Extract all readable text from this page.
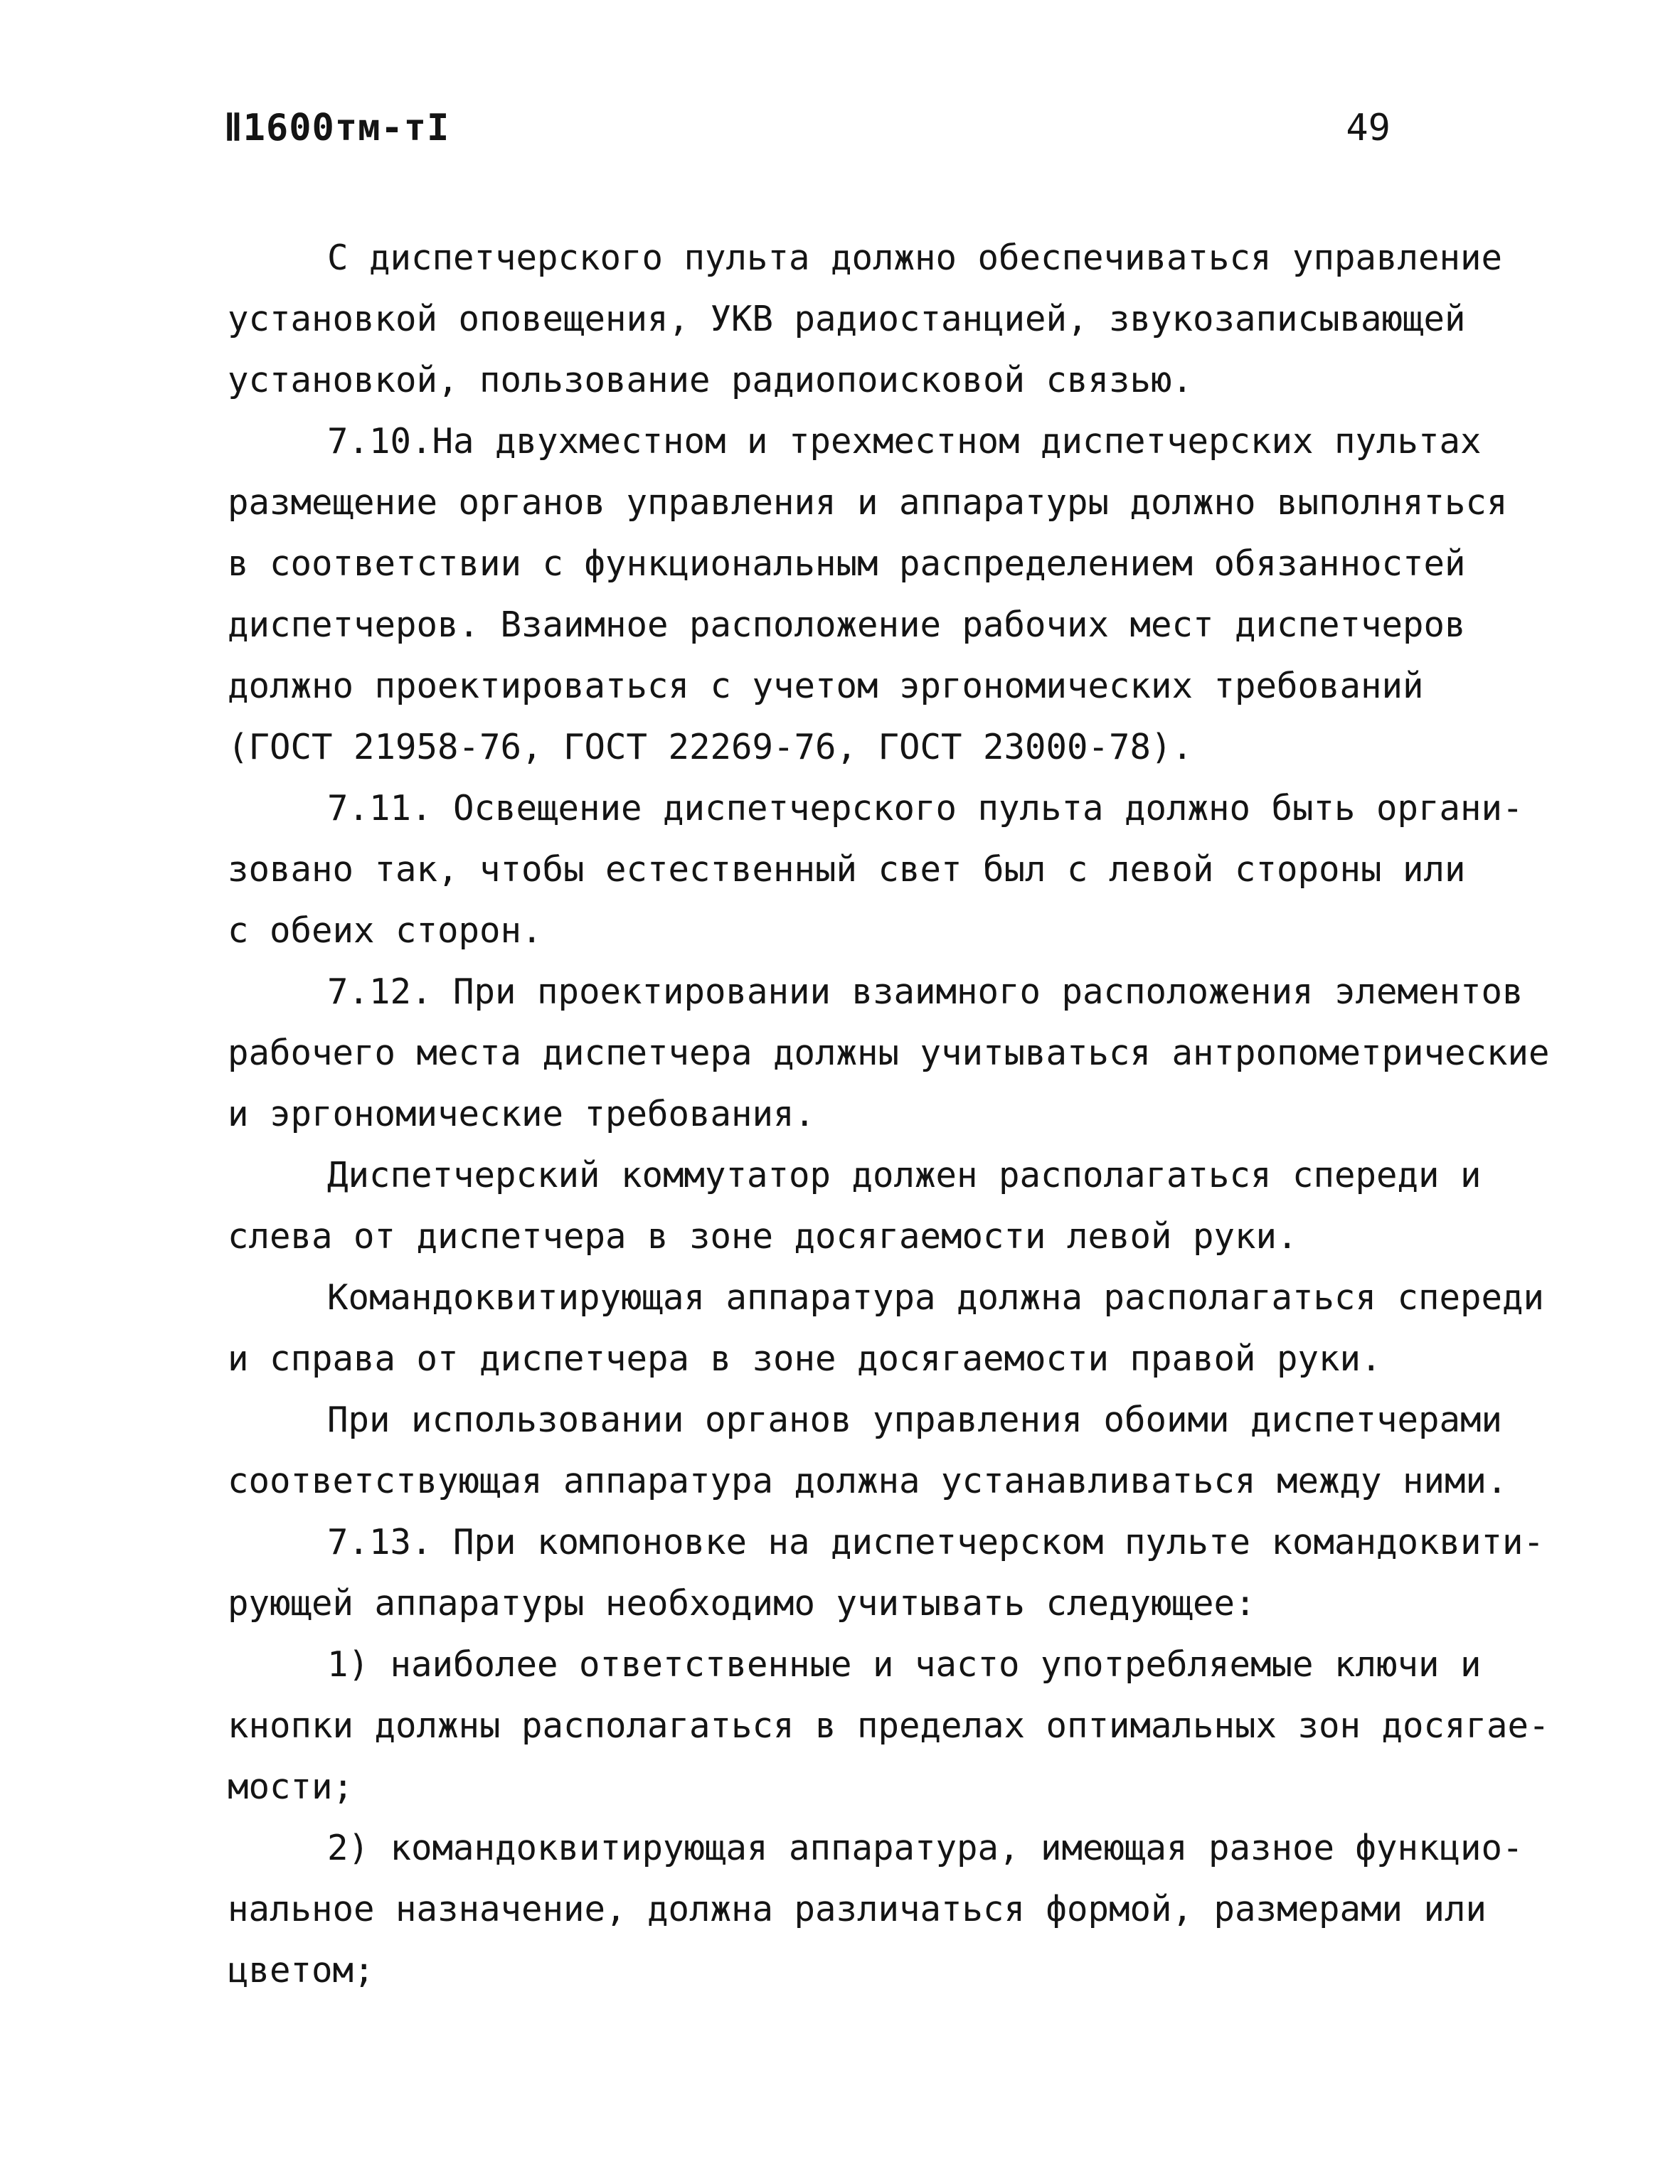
Ⅱ1600тм-тI	49

С диспетчерского пульта должно обеспечиваться управление
установкой оповещения, УКВ радиостанцией, звукозаписывающей
установкой, пользование радиопоисковой связью.

7.10.На двухместном и трехместном диспетчерских пультах
размещение органов управления и аппаратуры должно выполняться
в соответствии с функциональным распределением обязанностей
диспетчеров. Взаимное расположение рабочих мест диспетчеров
должно проектироваться с учетом эргономических требований
(ГОСТ 21958-76, ГОСТ 22269-76, ГОСТ 23000-78).

7.11. Освещение диспетчерского пульта должно быть органи-
зовано так, чтобы естественный свет был с левой стороны или
с обеих сторон.

7.12. При проектировании взаимного расположения элементов
рабочего места диспетчера должны учитываться антропометрические
и эргономические требования.

Диспетчерский коммутатор должен располагаться спереди и
слева от диспетчера в зоне досягаемости левой руки.

Командоквитирующая аппаратура должна располагаться спереди
и справа от диспетчера в зоне досягаемости правой руки.

При использовании органов управления обоими диспетчерами
соответствующая аппаратура должна устанавливаться между ними.

7.13. При компоновке на диспетчерском пульте командоквити-
рующей аппаратуры необходимо учитывать следующее:

1) наиболее ответственные и часто употребляемые ключи и
кнопки должны располагаться в пределах оптимальных зон досягае-
мости;

2) командоквитирующая аппаратура, имеющая разное функцио-
нальное назначение, должна различаться формой, размерами или
цветом;
